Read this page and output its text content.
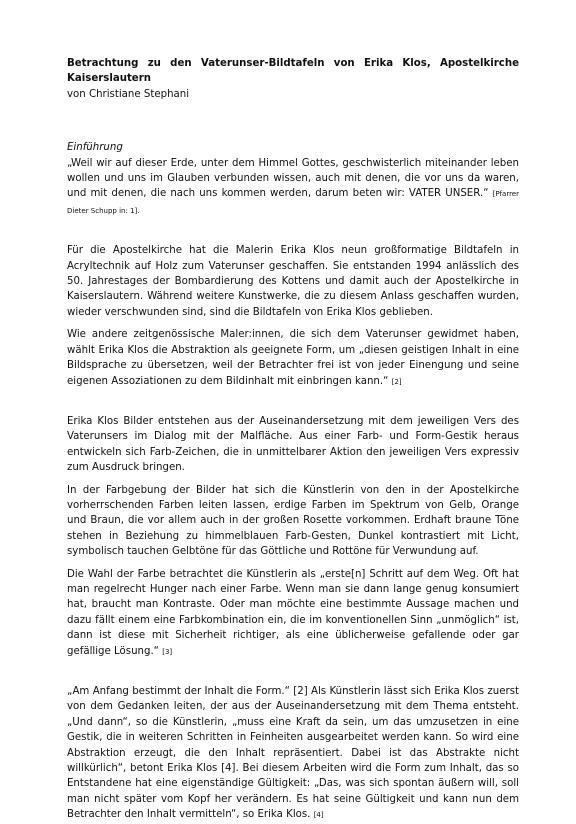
Betrachtung zu den Vaterunser-Bildtafeln von Erika Klos, Apostelkirche Kaiserslautern

von Christiane Stephani

Einführung

„Weil wir auf dieser Erde, unter dem Himmel Gottes, geschwisterlich miteinander leben wollen und uns im Glauben verbunden wissen, auch mit denen, die vor uns da waren, und mit denen, die nach uns kommen werden, darum beten wir: VATER UNSER.“ [Pfarrer Dieter Schupp in: 1].

Für die Apostelkirche hat die Malerin Erika Klos neun großformatige Bildtafeln in Acryltechnik auf Holz zum Vaterunser geschaffen. Sie entstanden 1994 anlässlich des 50. Jahrestages der Bombardierung des Kottens und damit auch der Apostelkirche in Kaiserslautern. Während weitere Kunstwerke, die zu diesem Anlass geschaffen wurden, wieder verschwunden sind, sind die Bildtafeln von Erika Klos geblieben.

Wie andere zeitgenössische Maler:innen, die sich dem Vaterunser gewidmet haben, wählt Erika Klos die Abstraktion als geeignete Form, um „diesen geistigen Inhalt in eine Bildsprache zu übersetzen, weil der Betrachter frei ist von jeder Einengung und seine eigenen Assoziationen zu dem Bildinhalt mit einbringen kann.“ [2]

Erika Klos Bilder entstehen aus der Auseinandersetzung mit dem jeweiligen Vers des Vaterunsers im Dialog mit der Malfläche. Aus einer Farb- und Form-Gestik heraus entwickeln sich Farb-Zeichen, die in unmittelbarer Aktion den jeweiligen Vers expressiv zum Ausdruck bringen.

In der Farbgebung der Bilder hat sich die Künstlerin von den in der Apostelkirche vorherrschenden Farben leiten lassen, erdige Farben im Spektrum von Gelb, Orange und Braun, die vor allem auch in der großen Rosette vorkommen. Erdhaft braune Töne stehen in Beziehung zu himmelblauen Farb-Gesten, Dunkel kontrastiert mit Licht, symbolisch tauchen Gelbtöne für das Göttliche und Rottöne für Verwundung auf.

Die Wahl der Farbe betrachtet die Künstlerin als „erste[n] Schritt auf dem Weg. Oft hat man regelrecht Hunger nach einer Farbe. Wenn man sie dann lange genug konsumiert hat, braucht man Kontraste. Oder man möchte eine bestimmte Aussage machen und dazu fällt einem eine Farbkombination ein, die im konventionellen Sinn „unmöglich“ ist, dann ist diese mit Sicherheit richtiger, als eine üblicherweise gefallende oder gar gefällige Lösung.“ [3]

„Am Anfang bestimmt der Inhalt die Form.“ [2] Als Künstlerin lässt sich Erika Klos zuerst von dem Gedanken leiten, der aus der Auseinandersetzung mit dem Thema entsteht. „Und dann“, so die Künstlerin, „muss eine Kraft da sein, um das umzusetzen in eine Gestik, die in weiteren Schritten in Feinheiten ausgearbeitet werden kann. So wird eine Abstraktion erzeugt, die den Inhalt repräsentiert. Dabei ist das Abstrakte nicht willkürlich“, betont Erika Klos [4]. Bei diesem Arbeiten wird die Form zum Inhalt, das so Entstandene hat eine eigenständige Gültigkeit: „Das, was sich spontan äußern will, soll man nicht später vom Kopf her verändern. Es hat seine Gültigkeit und kann nun dem Betrachter den Inhalt vermitteln“, so Erika Klos. [4]
